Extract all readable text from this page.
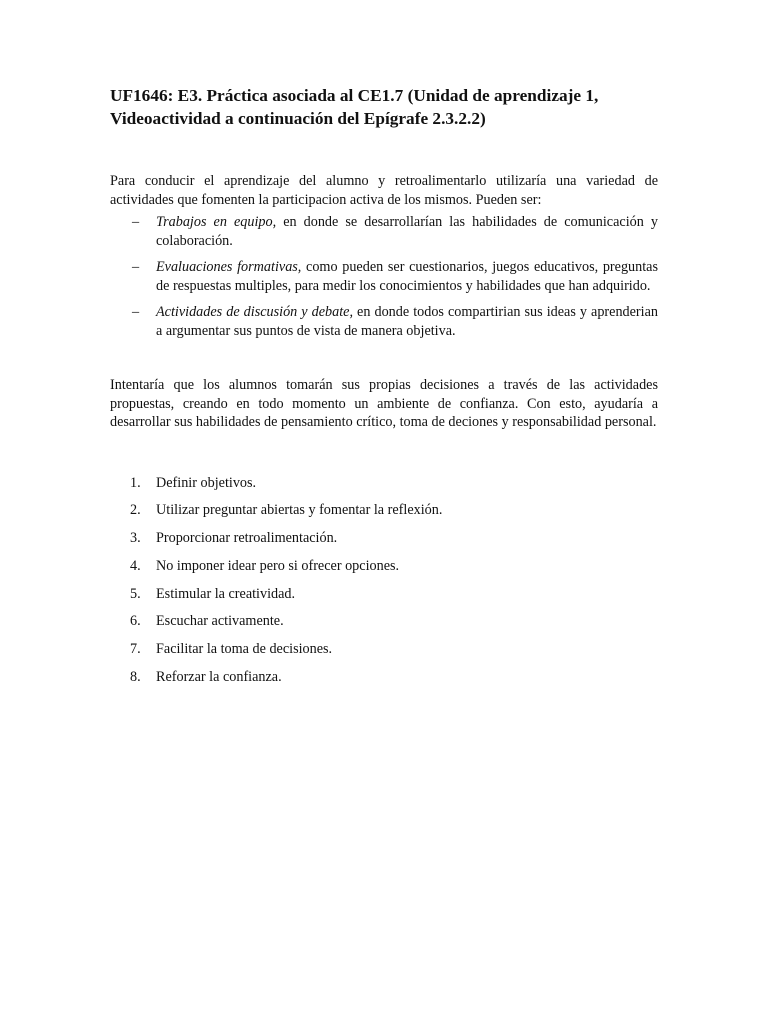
UF1646: E3. Práctica asociada al CE1.7 (Unidad de aprendizaje 1, Videoactividad a continuación del Epígrafe 2.3.2.2)

Para conducir el aprendizaje del alumno y retroalimentarlo utilizaría una variedad de actividades que fomenten la participacion activa de los mismos. Pueden ser:

– Trabajos en equipo, en donde se desarrollarían las habilidades de comunicación y colaboración.
– Evaluaciones formativas, como pueden ser cuestionarios, juegos educativos, preguntas de respuestas multiples, para medir los conocimientos y habilidades que han adquirido.
– Actividades de discusión y debate, en donde todos compartirian sus ideas y aprenderian a argumentar sus puntos de vista de manera objetiva.

Intentaría que los alumnos tomarán sus propias decisiones a través de las actividades propuestas, creando en todo momento un ambiente de confianza. Con esto, ayudaría a desarrollar sus habilidades de pensamiento crítico, toma de deciones y responsabilidad personal.

1. Definir objetivos.
2. Utilizar preguntar abiertas y fomentar la reflexión.
3. Proporcionar retroalimentación.
4. No imponer idear pero si ofrecer opciones.
5. Estimular la creatividad.
6. Escuchar activamente.
7. Facilitar la toma de decisiones.
8. Reforzar la confianza.
